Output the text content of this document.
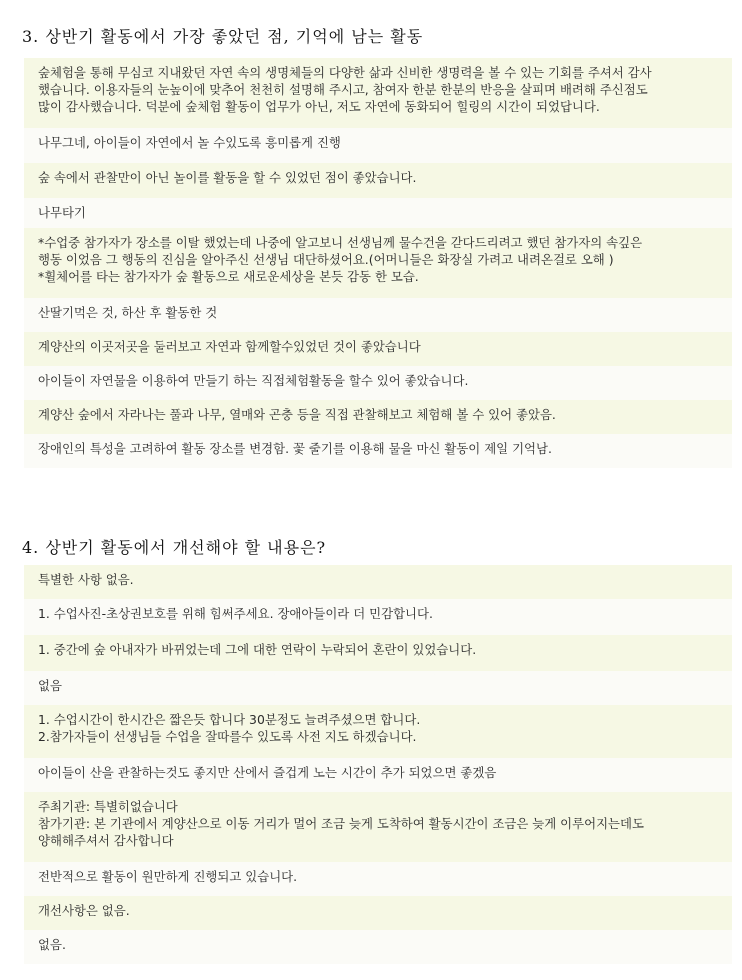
3. 상반기 활동에서 가장 좋았던 점, 기억에 남는 활동
숲체험을 통해 무심코 지내왔던 자연 속의 생명체들의 다양한 삶과 신비한 생명력을 볼 수 있는 기회를 주셔서 감사
했습니다. 이용자들의 눈높이에 맞추어 천천히 설명해 주시고, 참여자 한분 한분의 반응을 살피며 배려해 주신점도
많이 감사했습니다. 덕분에 숲체험 활동이 업무가 아닌, 저도 자연에 동화되어 힐링의 시간이 되었답니다.
나무그네, 아이들이 자연에서 놀 수있도록 흥미롭게 진행
숲 속에서 관찰만이 아닌 놀이를 활동을 할 수 있었던 점이 좋았습니다.
나무타기
*수업중 참가자가 장소를 이탈 했었는데 나중에 알고보니 선생님께 물수건을 갇다드리려고 했던 참가자의 속깊은
행동 이었음 그 행동의 진심을 알아주신 선생님 대단하셨어요.(어머니들은 화장실 가려고 내려온걸로 오해 )
*휠체어를 타는 참가자가 숲 활동으로 새로운세상을 본듯 감동 한 모습.
산딸기먹은 것, 하산 후 활동한 것
계양산의 이곳저곳을 둘러보고 자연과 함께할수있었던 것이 좋았습니다
아이들이 자연물을 이용하여 만들기 하는 직접체험활동을 할수 있어 좋았습니다.
계양산 숲에서 자라나는 풀과 나무, 열매와 곤충 등을 직접 관찰해보고 체험해 볼 수 있어 좋았음.
장애인의 특성을 고려하여 활동 장소를 변경함. 꽃 줄기를 이용해 물을 마신 활동이 제일 기억남.
4. 상반기 활동에서 개선해야 할 내용은?
특별한 사항 없음.
1. 수업사진-초상권보호를 위해 힘써주세요. 장애아들이라 더 민감합니다.
1. 중간에 숲 아내자가 바뀌었는데 그에 대한 연락이 누락되어 혼란이 있었습니다.
없음
1. 수업시간이 한시간은 짧은듯 합니다 30분정도 늘려주셨으면 합니다.
2.참가자들이 선생님들 수업을 잘따를수 있도록 사전 지도 하겠습니다.
아이들이 산을 관찰하는것도 좋지만 산에서 즐겁게 노는 시간이 추가 되었으면 좋겠음
주최기관: 특별히없습니다
참가기관: 본 기관에서 계양산으로 이동 거리가 멀어 조금 늦게 도착하여 활동시간이 조금은 늦게 이루어지는데도
양해해주셔서 감사합니다
전반적으로 활동이 원만하게 진행되고 있습니다.
개선사항은 없음.
없음.
